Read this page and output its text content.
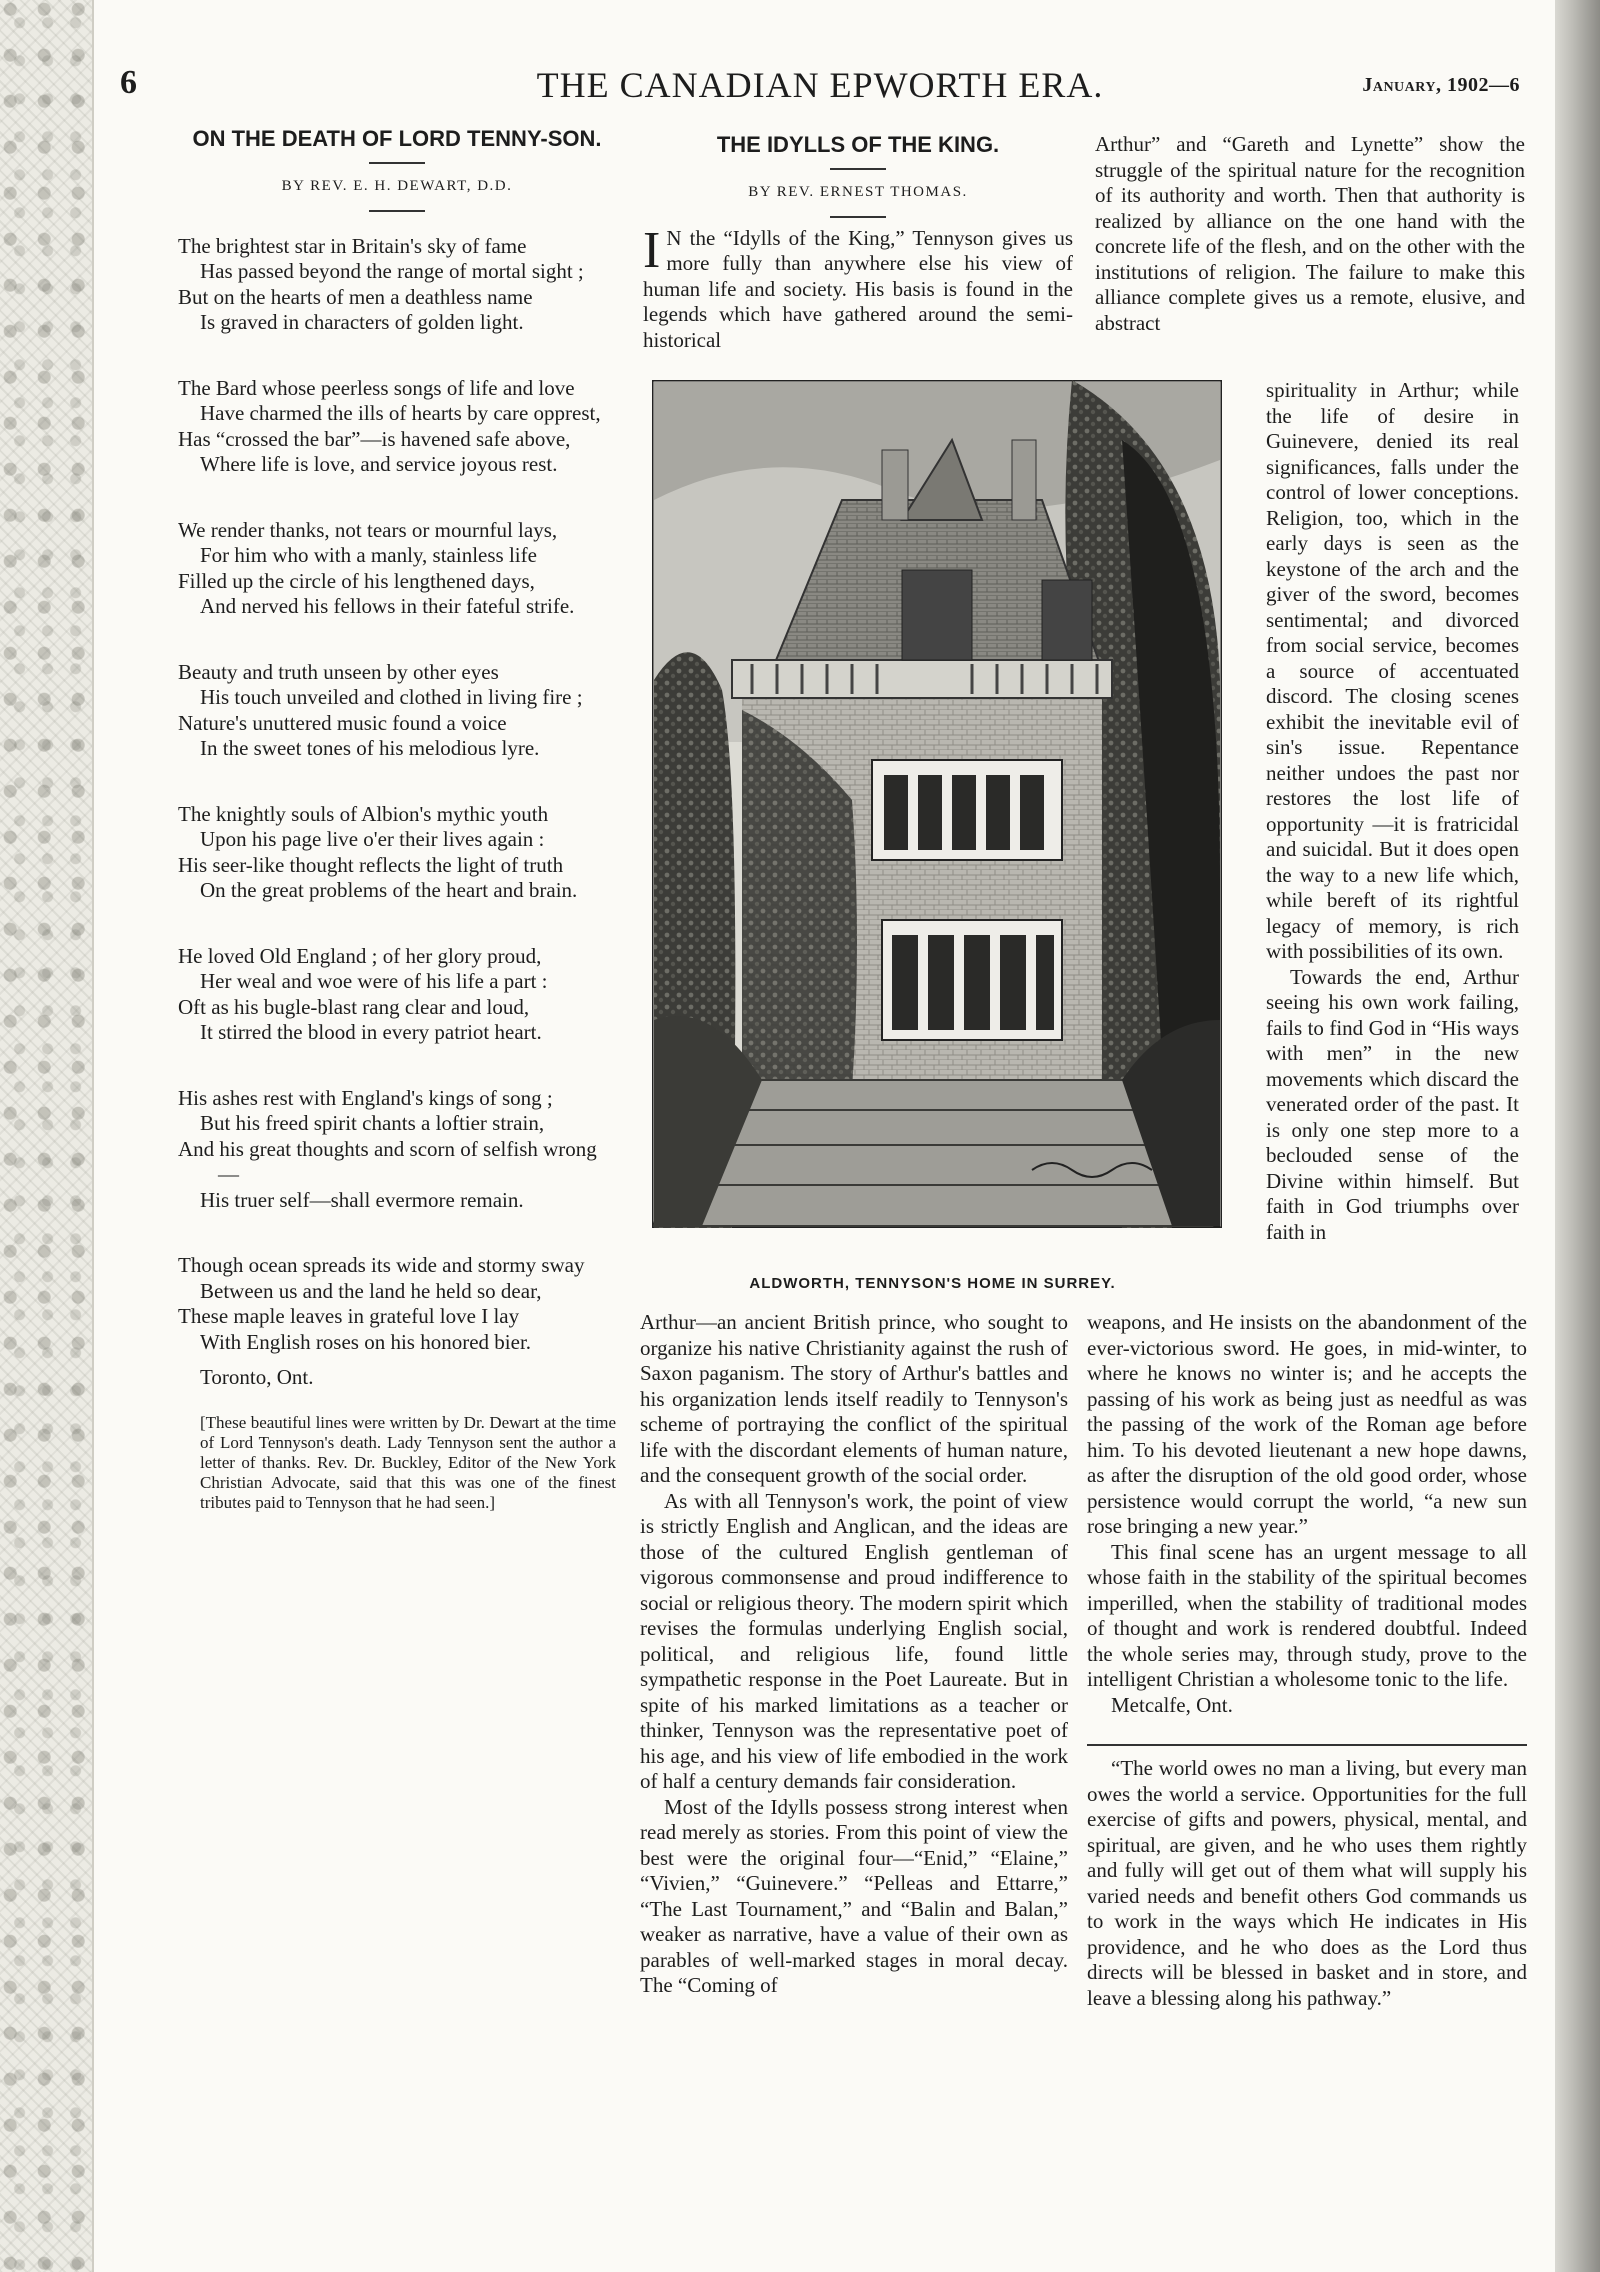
6	THE CANADIAN EPWORTH ERA.	January, 1902—6
ON THE DEATH OF LORD TENNY-SON.
BY REV. E. H. DEWART, D.D.
The brightest star in Britain's sky of fame
Has passed beyond the range of mortal sight ;
But on the hearts of men a deathless name
Is graved in characters of golden light.
The Bard whose peerless songs of life and love
Have charmed the ills of hearts by care opprest,
Has “crossed the bar”—is havened safe above,
Where life is love, and service joyous rest.
We render thanks, not tears or mournful lays,
For him who with a manly, stainless life
Filled up the circle of his lengthened days,
And nerved his fellows in their fateful strife.
Beauty and truth unseen by other eyes
His touch unveiled and clothed in living fire ;
Nature's unuttered music found a voice
In the sweet tones of his melodious lyre.
The knightly souls of Albion's mythic youth
Upon his page live o'er their lives again :
His seer-like thought reflects the light of truth
On the great problems of the heart and brain.
He loved Old England ; of her glory proud,
Her weal and woe were of his life a part :
Oft as his bugle-blast rang clear and loud,
It stirred the blood in every patriot heart.
His ashes rest with England's kings of song ;
But his freed spirit chants a loftier strain,
And his great thoughts and scorn of selfish wrong—
His truer self—shall evermore remain.
Though ocean spreads its wide and stormy sway
Between us and the land he held so dear,
These maple leaves in grateful love I lay
With English roses on his honored bier.
Toronto, Ont.
[These beautiful lines were written by Dr. Dewart at the time of Lord Tennyson's death. Lady Tennyson sent the author a letter of thanks. Rev. Dr. Buckley, Editor of the New York Christian Advocate, said that this was one of the finest tributes paid to Tennyson that he had seen.]
THE IDYLLS OF THE KING.
BY REV. ERNEST THOMAS.

I N the “Idylls of the King,” Tennyson gives us more fully than anywhere else his view of human life and society. His basis is found in the legends which have gathered around the semi-historical

Arthur” and “Gareth and Lynette” show the struggle of the spiritual nature for the recognition of its authority and worth. Then that authority is realized by alliance on the one hand with the concrete life of the flesh, and on the other with the institutions of religion. The failure to make this alliance complete gives us a remote, elusive, and abstract

ALDWORTH, TENNYSON'S HOME IN SURREY.

spirituality in Arthur; while the life of desire in Guinevere, denied its real significances, falls under the control of lower conceptions. Religion, too, which in the early days is seen as the keystone of the arch and the giver of the sword, becomes sentimental; and divorced from social service, becomes a source of accentuated discord. The closing scenes exhibit the inevitable evil of sin's issue. Repentance neither undoes the past nor restores the lost life of opportunity —it is fratricidal and suicidal. But it does open the way to a new life which, while bereft of its rightful legacy of memory, is rich with possibilities of its own.

Towards the end, Arthur seeing his own work failing, fails to find God in “His ways with men” in the new movements which discard the venerated order of the past. It is only one step more to a beclouded sense of the Divine within himself. But faith in God triumphs over faith in

Arthur—an ancient British prince, who sought to organize his native Christianity against the rush of Saxon paganism. The story of Arthur's battles and his organization lends itself readily to Tennyson's scheme of portraying the conflict of the spiritual life with the discordant elements of human nature, and the consequent growth of the social order.

As with all Tennyson's work, the point of view is strictly English and Anglican, and the ideas are those of the cultured English gentleman of vigorous commonsense and proud indifference to social or religious theory. The modern spirit which revises the formulas underlying English social, political, and religious life, found little sympathetic response in the Poet Laureate. But in spite of his marked limitations as a teacher or thinker, Tennyson was the representative poet of his age, and his view of life embodied in the work of half a century demands fair consideration.

Most of the Idylls possess strong interest when read merely as stories. From this point of view the best were the original four—“Enid,” “Elaine,” “Vivien,” “Guinevere.” “Pelleas and Ettarre,” “The Last Tournament,” and “Balin and Balan,” weaker as narrative, have a value of their own as parables of well-marked stages in moral decay. The “Coming of

weapons, and He insists on the abandonment of the ever-victorious sword. He goes, in mid-winter, to where he knows no winter is; and he accepts the passing of his work as being just as needful as was the passing of the work of the Roman age before him. To his devoted lieutenant a new hope dawns, as after the disruption of the old good order, whose persistence would corrupt the world, “a new sun rose bringing a new year.”

This final scene has an urgent message to all whose faith in the stability of the spiritual becomes imperilled, when the stability of traditional modes of thought and work is rendered doubtful. Indeed the whole series may, through study, prove to the intelligent Christian a wholesome tonic to the life.

Metcalfe, Ont.

“The world owes no man a living, but every man owes the world a service. Opportunities for the full exercise of gifts and powers, physical, mental, and spiritual, are given, and he who uses them rightly and fully will get out of them what will supply his varied needs and benefit others God commands us to work in the ways which He indicates in His providence, and he who does as the Lord thus directs will be blessed in basket and in store, and leave a blessing along his pathway.”
